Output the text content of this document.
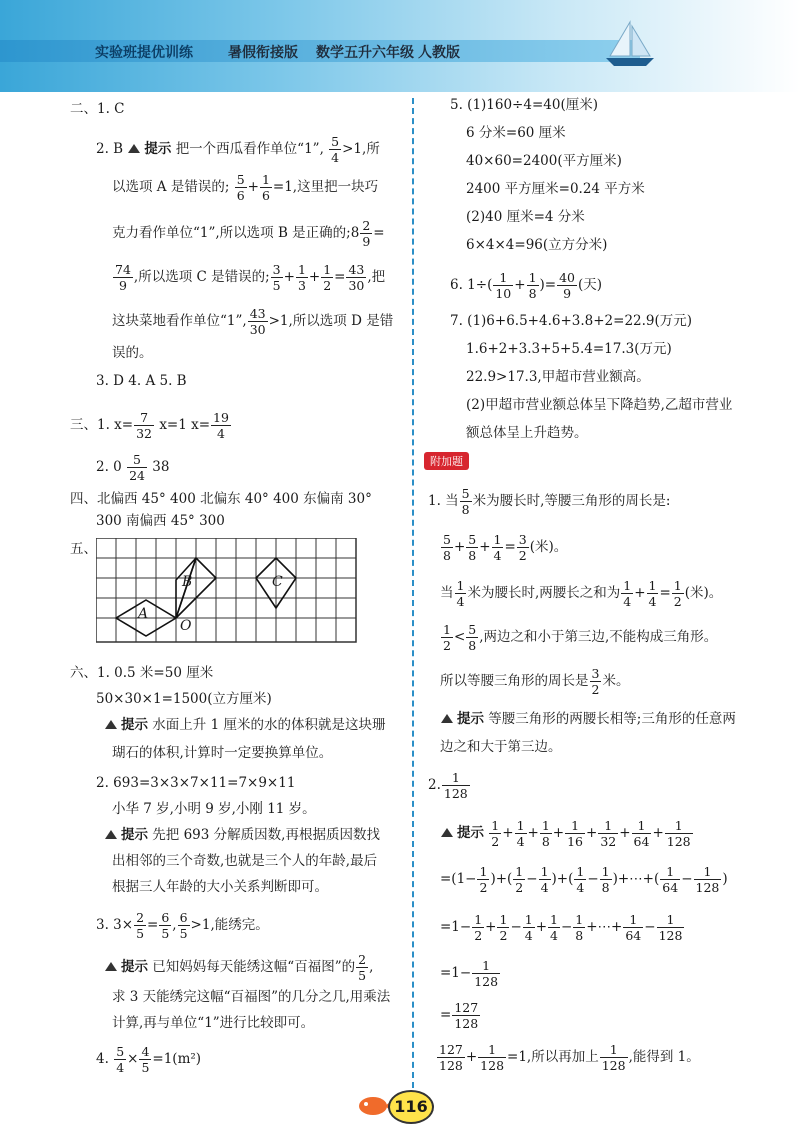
实验班提优训练	暑假衔接版 数学五升六年级 人教版
二、1. C
2. B 提示 把一个西瓜看作单位“1”, $\frac{5}{4} >1$,所
以选项 A 是错误的; $\frac{5}{6} + \frac{1}{6} =1$,这里把一块巧
克力看作单位“1”,所以选项 B 是正确的;8 $\frac{2}{9}$ =
$\frac{74}{9}$ ,所以选项 C 是错误的; $\frac{3}{5} + \frac{1}{3} + \frac{1}{2} = \frac{43}{30}$ ,把
这块菜地看作单位“1”, $\frac{43}{30} >1$,所以选项 D 是错
误的。
3. D 4. A 5. B
三、1. $x= \frac{7}{32} x=1$ $x= \frac{19}{4}$
2. $0 \frac{5}{24} 38$
四、北偏西 45° 400 北偏东 40° 400 东偏南 30°
300 南偏西 45° 300
五、
A
B	C
O
六、1. 0.5 米=50 厘米
50×30×1=1500(立方厘米)
提示 水面上升 1 厘米的水的体积就是这块珊
瑚石的体积,计算时一定要换算单位。
2. 693=3×3×7×11=7×9×11
小华 7 岁,小明 9 岁,小刚 11 岁。
提示 先把 693 分解质因数,再根据质因数找
出相邻的三个奇数,也就是三个人的年龄,最后
根据三人年龄的大小关系判断即可。
3. $3\times \frac{2}{5} = \frac{6}{5}$ , $\frac{6}{5} >1$,能绣完。
提示 已知妈妈每天能绣这幅“百福图”的 $\frac{2}{5}$ ,
求 3 天能绣完这幅“百福图”的几分之几,用乘法
计算,再与单位“1”进行比较即可。
4. $\frac{5}{4} \times \frac{4}{5} =1(m^2)$
5. (1)160÷4=40(厘米)
6 分米=60 厘米
40×60=2400(平方厘米)
2400 平方厘米=0.24 平方米
(2)40 厘米=4 分米
6×4×4=96(立方分米)
6. $1\div( \frac{1}{10} + \frac{1}{8}$ )= $\frac{40}{9}$ (天)
7. (1)6+6.5+4.6+3.8+2=22.9(万元)
1.6+2+3.3+5+5.4=17.3(万元)
22.9>17.3,甲超市营业额高。
(2)甲超市营业额总体呈下降趋势,乙超市营业
额总体呈上升趋势。
附加题
1. 当 $\frac{5}{8}$ 米为腰长时,等腰三角形的周长是:
$\frac{5}{8} + \frac{5}{8} + \frac{1}{4} = \frac{3}{2}$ (米)。
当 $\frac{1}{4}$ 米为腰长时,两腰长之和为 $\frac{1}{4} + \frac{1}{4} = \frac{1}{2}$ (米)。
$\frac{1}{2} < \frac{5}{8}$ ,两边之和小于第三边,不能构成三角形。
所以等腰三角形的周长是 $\frac{3}{2}$ 米。
提示 等腰三角形的两腰长相等;三角形的任意两
边之和大于第三边。
2. $\frac{1}{128}$
提示 $\frac{1}{2} + \frac{1}{4} + \frac{1}{8} + \frac{1}{16} + \frac{1}{32} + \frac{1}{64} + \frac{1}{128}$
$=(1- \frac{1}{2}$ )+( $\frac{1}{2} - \frac{1}{4}$ )+( $\frac{1}{4} - \frac{1}{8}$ )+⋯+( $\frac{1}{64} - \frac{1}{128}$ )
$=1- \frac{1}{2} + \frac{1}{2} - \frac{1}{4} + \frac{1}{4} - \frac{1}{8}$ +⋯+ $\frac{1}{64} - \frac{1}{128}$
$=1- \frac{1}{128}$
= $\frac{127}{128}$
$\frac{127}{128} + \frac{1}{128} =1$,所以再加上 $\frac{1}{128}$ ,能得到 1。
116
